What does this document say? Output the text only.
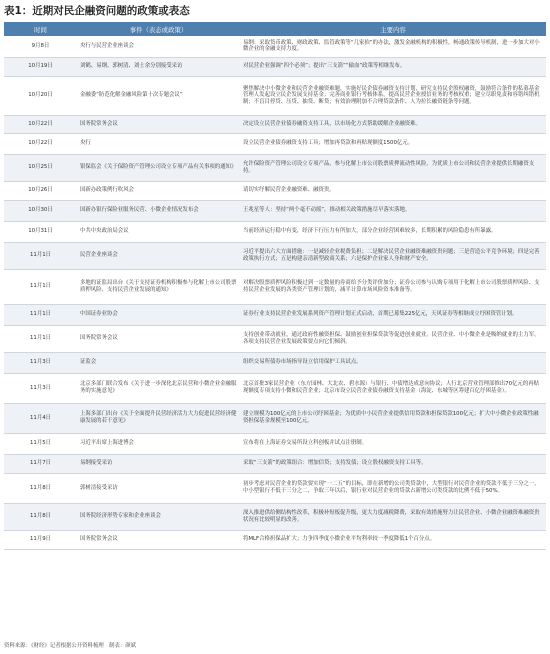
表1：近期对民企融资问题的政策或表态
时间	事件（表态或政策）	主要内容
9月8日	央行与民营企业座谈会	易纲：采取货币政策、财政政策、监管政策等“几家抬”的办法，激发金融机构的积极性，畅通政策传导机制，进一步加大对小微企业的金融支持力度。
10月19日	刘鹤、易纲、郭树清、刘士余分别接受采访	对民营企业强调“四个必须”；提出“三支箭”“输血”政策等相继发布。
10月20日	金融委“防范化解金融风险第十次专题会议”	聚焦解决中小微企业和民营企业融资难题，实施好民企债券融资支持计划，研究支持民企股权融资，鼓励符合条件的私募基金管理人发起设立民企发展支持基金；完善商业银行考核体系，提高民营企业授信业务的考核权重；建立尽职免责和容错纠错机制；不盲目停贷、压贷、抽贷、断贷；有效治理附加不合理贷款条件、人为拉长融资链条等问题。
10月22日	国务院常务会议	决定设立民营企业债券融资支持工具，以市场化方式帮助缓解企业融资难。
10月22日	央行	设立民营企业债券融资支持工具；增加再贷款和再贴现额度1500亿元。
10月25日	银保监会《关于保险资产管理公司设立专项产品有关事项的通知》	允许保险资产管理公司设立专项产品，参与化解上市公司股票质押流动性风险，为优质上市公司和民营企业提供长期融资支持。
10月26日	国新办政策例行吹风会	请切实纾解民营企业融资难、融资贵。
10月30日	国新办银行保险业服务民营、小微企业情况发布会	王兆星等人：坚持“两个毫不动摇”，推动相关政策措施尽早落实落地。
10月31日	中共中央政治局会议	当前经济运行稳中有变，经济下行压力有所加大，部分企业经营困难较多，长期积累的风险隐患有所暴露。
11月1日	民营企业座谈会	习近平提出六大方面措施：一是减轻企业税费负担；二是解决民营企业融资难融资贵问题；三是营造公平竞争环境；四是完善政策执行方式；五是构建亲清新型政商关系；六是保护企业家人身和财产安全。
11月1日	多地的证监局出台《关于支持证券机构积极参与化解上市公司股票质押风险、支持民营企业发展的通知》	对解决股票质押风险积极过到一定数量的券商给予分类评价加分；证券公司参与认购专项用于化解上市公司股票质押风险、支持民营企业发展的各类资产管理计划的，减半计算市场风险资本准备等。
11月1日	中国证券业协会	证券行业支持民营企业发展系列资产管理计划正式启动，首期已募集225亿元，天风证券等相继成立纾困资管计划。
11月1日	国务院常务会议	支持创业带动就业，通过政府性融资担保、鼓励创业担保贷款等促进创业就业。民营企业、中小微企业是吸纳就业的主力军，各项支持民营企业发展政策要点向它们倾斜。
11月3日	证监会	组织交易所债券市场指导设立信用保护工具试点。
11月3日	北京多部门联合发布《关于进一步深化北京民营和小微企业金融服务的实施意见》	北京首批3家民营企业（东方园林、大北农、碧水源）与银行、中债增达成意向协议；人行北京营业管理部推出70亿元的再贴现额度专项支持小微和民营企业；北京市设立民营企业债券融资支持基金（海淀、东城等区筹建百亿纾困基金）。
11月4日	上海多部门出台《关于全面提升民营经济活力大力促进民营经济健康发展的若干意见》	建立规模为100亿元的上市公司纾困基金；为优质中小民营企业提供信用贷款和担保贷款100亿元；扩大中小微企业政策性融资担保基金规模至100亿元。
11月5日	习近平出席上海进博会	宣布将在上海证券交易所设立科创板并试点注册制。
11月7日	易纲接受采访	采取“三支箭”的政策组合：增加信贷；支持发债；设立股权融资支持工具等。
11月8日	郭树清接受采访	初步考虑对民营企业的贷款要实现“一二五”的目标，即在新增的公司类贷款中，大型银行对民营企业的贷款不低于三分之一，中小型银行不低于三分之二，争取三年以后，银行业对民营企业的贷款占新增公司类贷款的比例不低于50%。
11月8日	国务院经济形势专家和企业座谈会	深入推进供给侧结构性改革，积极补短板促升级，更大力度减税降费，采取有效措施努力让民营企业、小微企业融资难融资贵状况有比较明显的改善。
11月9日	国务院常务会议	将MLF合格担保品扩大；力争四季度小微企业平均利率较一季度降低1个百分点。
资料来源：《财经》记者根据公开资料梳理　制表：颜斌
